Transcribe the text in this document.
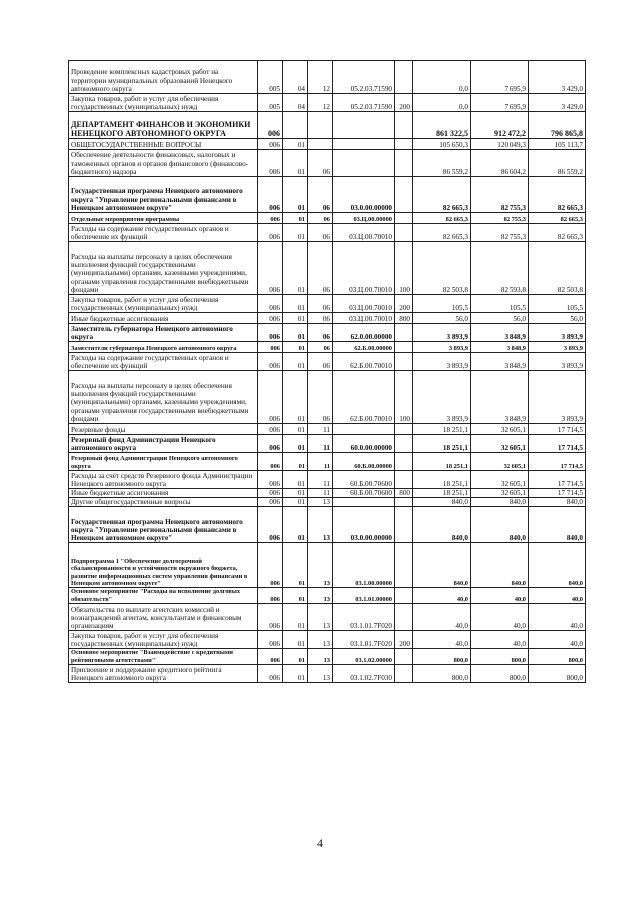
Проведение комплексных кадастровых работ на территории муниципальных образований Ненецкого автономного округа	005	04	12	05.2.03.71590		0,0	7 695,9	3 429,0
Закупка товаров, работ и услуг для обеспечения государственных (муниципальных) нужд	005	04	12	05.2.03.71590	200	0,0	7 695,9	3 429,0
ДЕПАРТАМЕНТ ФИНАНСОВ И ЭКОНОМИКИ НЕНЕЦКОГО АВТОНОМНОГО ОКРУГА	006					861 322,5	912 472,2	796 865,8
ОБЩЕГОСУДАРСТВЕННЫЕ ВОПРОСЫ	006	01				105 650,3	120 049,3	105 113,7
Обеспечение деятельности финансовых, налоговых и таможенных органов и органов финансового (финансово-бюджетного) надзора	006	01	06			86 559,2	86 604,2	86 559,2
Государственная программа Ненецкого автономного округа "Управление региональными финансами в Ненецком автономном округе"	006	01	06	03.0.00.00000		82 665,3	82 755,3	82 665,3
Отдельные мероприятия программы	006	01	06	03.Ц.00.00000		82 665,3	82 755,3	82 665,3
Расходы на содержание государственных органов и обеспечение их функций	006	01	06	03.Ц.00.70010		82 665,3	82 755,3	82 665,3
Расходы на выплаты персоналу в целях обеспечения выполнения функций государственными (муниципальными) органами, казенными учреждениями, органами управления государственными внебюджетными фондами	006	01	06	03.Ц.00.70010	100	82 503,8	82 593,8	82 503,8
Закупка товаров, работ и услуг для обеспечения государственных (муниципальных) нужд	006	01	06	03.Ц.00.70010	200	105,5	105,5	105,5
Иные бюджетные ассигнования	006	01	06	03.Ц.00.70010	800	56,0	56,0	56,0
Заместитель губернатора Ненецкого автономного округа	006	01	06	62.0.00.00000		3 893,9	3 848,9	3 893,9
Заместители губернатора Ненецкого автономного округа	006	01	06	62.Б.00.00000		3 893,9	3 848,9	3 893,9
Расходы на содержание государственных органов и обеспечение их функций	006	01	06	62.Б.00.70010		3 893,9	3 848,9	3 893,9
Расходы на выплаты персоналу в целях обеспечения выполнения функций государственными (муниципальными) органами, казенными учреждениями, органами управления государственными внебюджетными фондами	006	01	06	62.Б.00.70010	100	3 893,9	3 848,9	3 893,9
Резервные фонды	006	01	11			18 251,1	32 605,1	17 714,5
Резервный фонд Администрации Ненецкого автономного округа	006	01	11	60.0.00.00000		18 251,1	32 605,1	17 714,5
Резервный фонд Администрации Ненецкого автономного округа	006	01	11	60.Б.00.00000		18 251,1	32 605,1	17 714,5
Расходы за счёт средств Резервного фонда Администрации Ненецкого автономного округа	006	01	11	60.Б.00.70600		18 251,1	32 605,1	17 714,5
Иные бюджетные ассигнования	006	01	11	60.Б.00.70600	800	18 251,1	32 605,1	17 714,5
Другие общегосударственные вопросы	006	01	13			840,0	840,0	840,0
Государственная программа Ненецкого автономного округа "Управление региональными финансами в Ненецком автономном округе"	006	01	13	03.0.00.00000		840,0	840,0	840,0
Подпрограмма 1 "Обеспечение долгосрочной сбалансированности и устойчивости окружного бюджета, развитие информационных систем управления финансами в Ненецком автономном округе"	006	01	13	03.1.00.00000		840,0	840,0	840,0
Основное мероприятие "Расходы на исполнение долговых обязательств"	006	01	13	03.1.01.00000		40,0	40,0	40,0
Обязательства по выплате агентских комиссий и вознаграждений агентам, консультантам и финансовым организациям	006	01	13	03.1.01.7F020		40,0	40,0	40,0
Закупка товаров, работ и услуг для обеспечения государственных (муниципальных) нужд	006	01	13	03.1.01.7F020	200	40,0	40,0	40,0
Основное мероприятие "Взаимодействие с кредитными рейтинговыми агентствами"	006	01	13	03.1.02.00000		800,0	800,0	800,0
Присвоение и поддержание кредитного рейтинга Ненецкого автономного округа	006	01	13	03.1.02.7F030		800,0	800,0	800,0
4
